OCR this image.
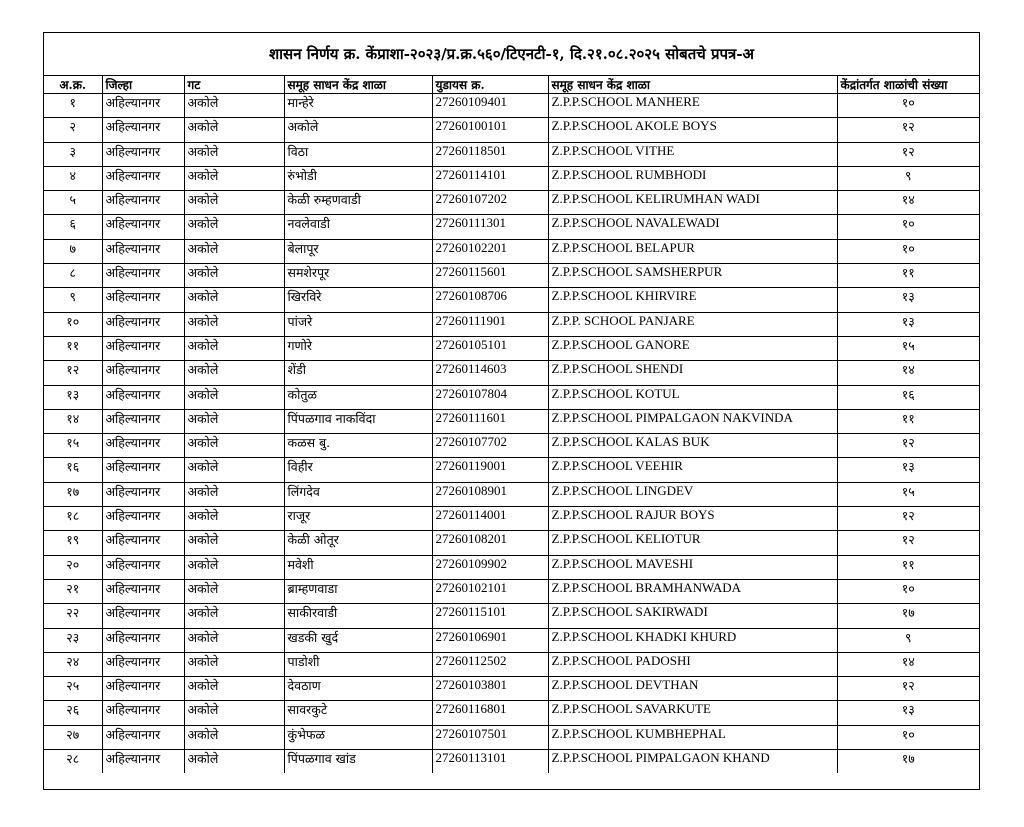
शासन निर्णय क्र. केंप्राशा-२०२३/प्र.क्र.५६०/टिएनटी-१, दि.२१.०८.२०२५ सोबतचे प्रपत्र-अ
अ.क्र.	जिल्हा	गट	समूह साधन केंद्र शाळा	युडायस क्र.	समूह साधन केंद्र शाळा	केंद्रांतर्गत शाळांची संख्या
१	अहिल्यानगर	अकोले	मान्हेरे	27260109401	Z.P.P.SCHOOL MANHERE	१०
२	अहिल्यानगर	अकोले	अकोले	27260100101	Z.P.P.SCHOOL AKOLE BOYS	१२
३	अहिल्यानगर	अकोले	विठा	27260118501	Z.P.P.SCHOOL VITHE	१२
४	अहिल्यानगर	अकोले	रुंभोडी	27260114101	Z.P.P.SCHOOL RUMBHODI	९
५	अहिल्यानगर	अकोले	केळी रुम्हणवाडी	27260107202	Z.P.P.SCHOOL KELIRUMHAN WADI	१४
६	अहिल्यानगर	अकोले	नवलेवाडी	27260111301	Z.P.P.SCHOOL NAVALEWADI	१०
७	अहिल्यानगर	अकोले	बेलापूर	27260102201	Z.P.P.SCHOOL BELAPUR	१०
८	अहिल्यानगर	अकोले	समशेरपूर	27260115601	Z.P.P.SCHOOL SAMSHERPUR	११
९	अहिल्यानगर	अकोले	खिरविरे	27260108706	Z.P.P.SCHOOL KHIRVIRE	१३
१०	अहिल्यानगर	अकोले	पांजरे	27260111901	Z.P.P. SCHOOL PANJARE	१३
११	अहिल्यानगर	अकोले	गणोरे	27260105101	Z.P.P.SCHOOL GANORE	१५
१२	अहिल्यानगर	अकोले	शेंडी	27260114603	Z.P.P.SCHOOL SHENDI	१४
१३	अहिल्यानगर	अकोले	कोतुळ	27260107804	Z.P.P.SCHOOL KOTUL	१६
१४	अहिल्यानगर	अकोले	पिंपळगाव नाकविंदा	27260111601	Z.P.P.SCHOOL PIMPALGAON NAKVINDA	११
१५	अहिल्यानगर	अकोले	कळस बु.	27260107702	Z.P.P.SCHOOL KALAS BUK	१२
१६	अहिल्यानगर	अकोले	विहीर	27260119001	Z.P.P.SCHOOL VEEHIR	१३
१७	अहिल्यानगर	अकोले	लिंगदेव	27260108901	Z.P.P.SCHOOL LINGDEV	१५
१८	अहिल्यानगर	अकोले	राजूर	27260114001	Z.P.P.SCHOOL RAJUR BOYS	१२
१९	अहिल्यानगर	अकोले	केळी ओतूर	27260108201	Z.P.P.SCHOOL KELIOTUR	१२
२०	अहिल्यानगर	अकोले	मवेशी	27260109902	Z.P.P.SCHOOL MAVESHI	११
२१	अहिल्यानगर	अकोले	ब्राम्हणवाडा	27260102101	Z.P.P.SCHOOL BRAMHANWADA	१०
२२	अहिल्यानगर	अकोले	साकीरवाडी	27260115101	Z.P.P.SCHOOL SAKIRWADI	१७
२३	अहिल्यानगर	अकोले	खडकी खुर्द	27260106901	Z.P.P.SCHOOL KHADKI KHURD	९
२४	अहिल्यानगर	अकोले	पाडोशी	27260112502	Z.P.P.SCHOOL PADOSHI	१४
२५	अहिल्यानगर	अकोले	देवठाण	27260103801	Z.P.P.SCHOOL DEVTHAN	१२
२६	अहिल्यानगर	अकोले	सावरकुटे	27260116801	Z.P.P.SCHOOL SAVARKUTE	१३
२७	अहिल्यानगर	अकोले	कुंभेफळ	27260107501	Z.P.P.SCHOOL KUMBHEPHAL	१०
२८	अहिल्यानगर	अकोले	पिंपळगाव खांड	27260113101	Z.P.P.SCHOOL PIMPALGAON KHAND	१७
